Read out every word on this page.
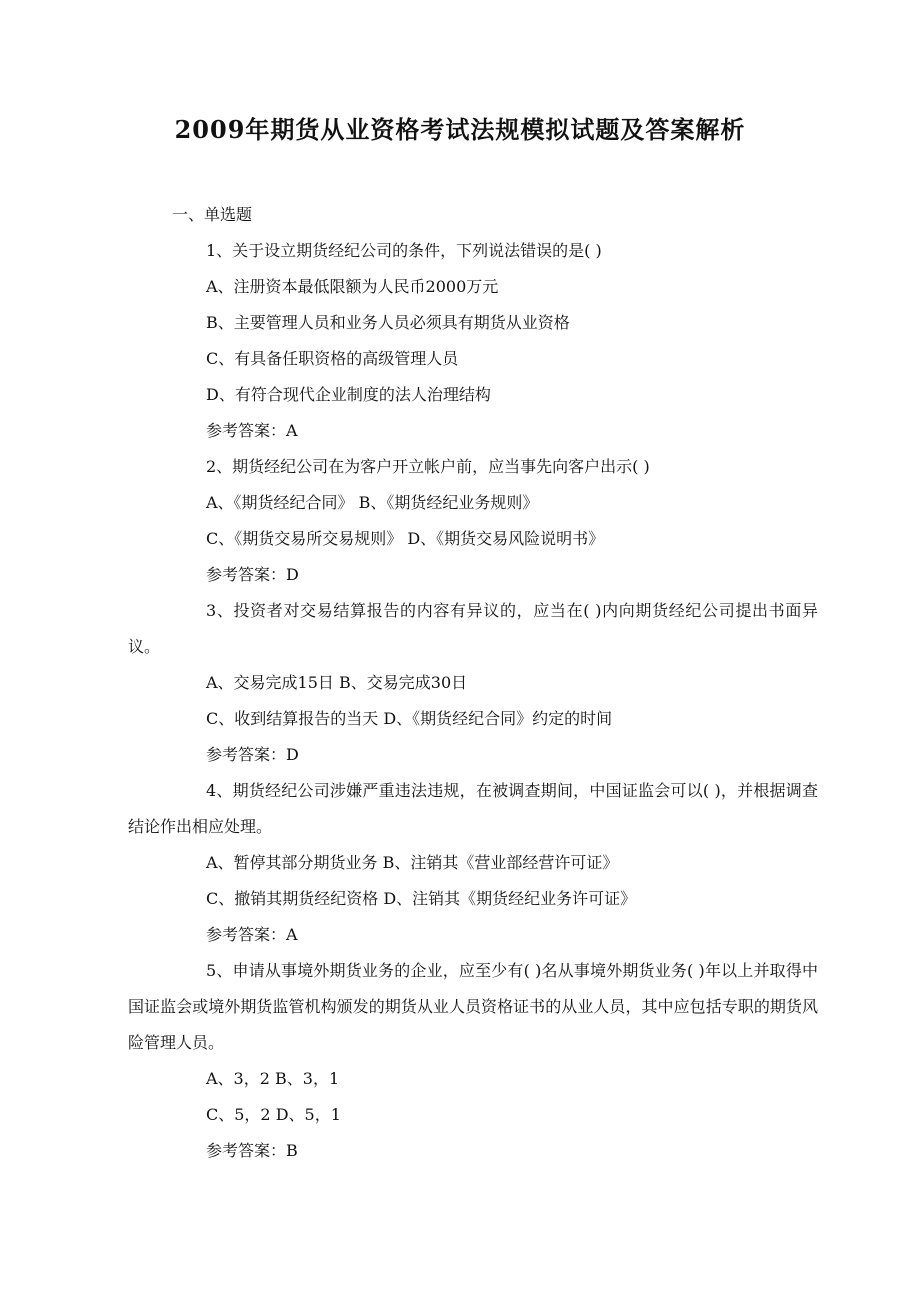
2009年期货从业资格考试法规模拟试题及答案解析
一、单选题
1、关于设立期货经纪公司的条件，下列说法错误的是( )
A、注册资本最低限额为人民币2000万元
B、主要管理人员和业务人员必须具有期货从业资格
C、有具备任职资格的高级管理人员
D、有符合现代企业制度的法人治理结构
参考答案：A
2、期货经纪公司在为客户开立帐户前，应当事先向客户出示( )
A、《期货经纪合同》 B、《期货经纪业务规则》
C、《期货交易所交易规则》 D、《期货交易风险说明书》
参考答案：D
3、投资者对交易结算报告的内容有异议的，应当在( )内向期货经纪公司提出书面异议。
A、交易完成15日 B、交易完成30日
C、收到结算报告的当天 D、《期货经纪合同》约定的时间
参考答案：D
4、期货经纪公司涉嫌严重违法违规，在被调查期间，中国证监会可以( )，并根据调查结论作出相应处理。
A、暂停其部分期货业务 B、注销其《营业部经营许可证》
C、撤销其期货经纪资格 D、注销其《期货经纪业务许可证》
参考答案：A
5、申请从事境外期货业务的企业，应至少有( )名从事境外期货业务( )年以上并取得中国证监会或境外期货监管机构颁发的期货从业人员资格证书的从业人员，其中应包括专职的期货风险管理人员。
A、3，2 B、3，1
C、5，2 D、5，1
参考答案：B
